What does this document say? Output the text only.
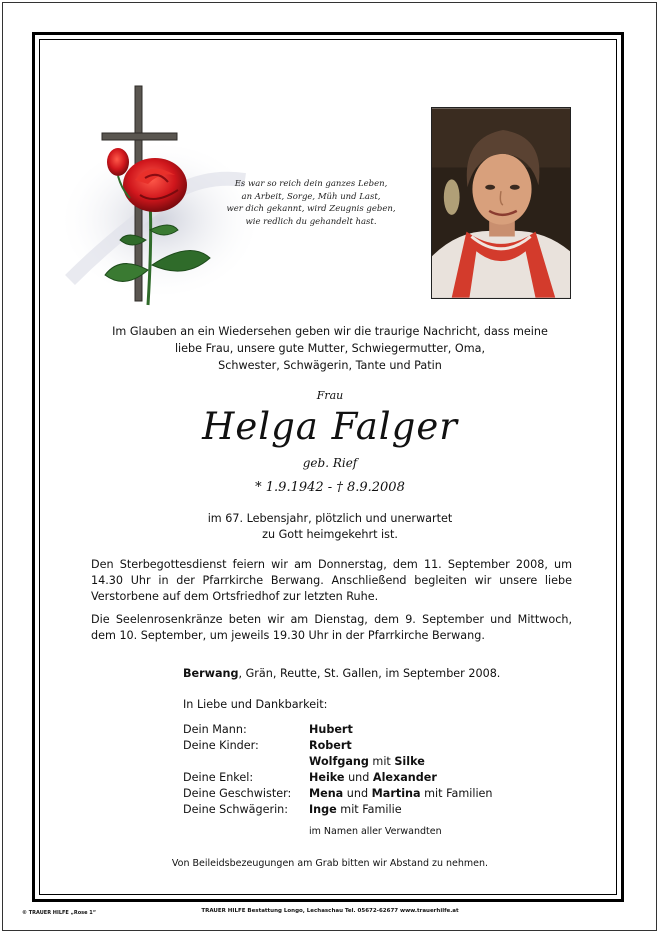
Es war so reich dein ganzes Leben,
an Arbeit, Sorge, Müh und Last,
wer dich gekannt, wird Zeugnis geben,
wie redlich du gehandelt hast.
Im Glauben an ein Wiedersehen geben wir die traurige Nachricht, dass meine
liebe Frau, unsere gute Mutter, Schwiegermutter, Oma,
Schwester, Schwägerin, Tante und Patin
Frau
Helga Falger
geb. Rief
* 1.9.1942 - † 8.9.2008
im 67. Lebensjahr, plötzlich und unerwartet
zu Gott heimgekehrt ist.
Den Sterbegottesdienst feiern wir am Donnerstag, dem 11. September 2008, um 14.30 Uhr in der Pfarrkirche Berwang. Anschließend begleiten wir unsere liebe Verstorbene auf dem Ortsfriedhof zur letzten Ruhe.
Die Seelenrosenkränze beten wir am Dienstag, dem 9. September und Mittwoch, dem 10. September, um jeweils 19.30 Uhr in der Pfarrkirche Berwang.
Berwang, Grän, Reutte, St. Gallen, im September 2008.
In Liebe und Dankbarkeit:
Dein Mann:	Hubert
Deine Kinder:	Robert
Wolfgang mit Silke
Deine Enkel:	Heike und Alexander
Deine Geschwister:	Mena und Martina mit Familien
Deine Schwägerin:	Inge mit Familie
im Namen aller Verwandten
Von Beileidsbezeugungen am Grab bitten wir Abstand zu nehmen.
© TRAUER HILFE „Rose 1“	TRAUER HILFE Bestattung Longo, Lechaschau Tel. 05672-62677 www.trauerhilfe.at
